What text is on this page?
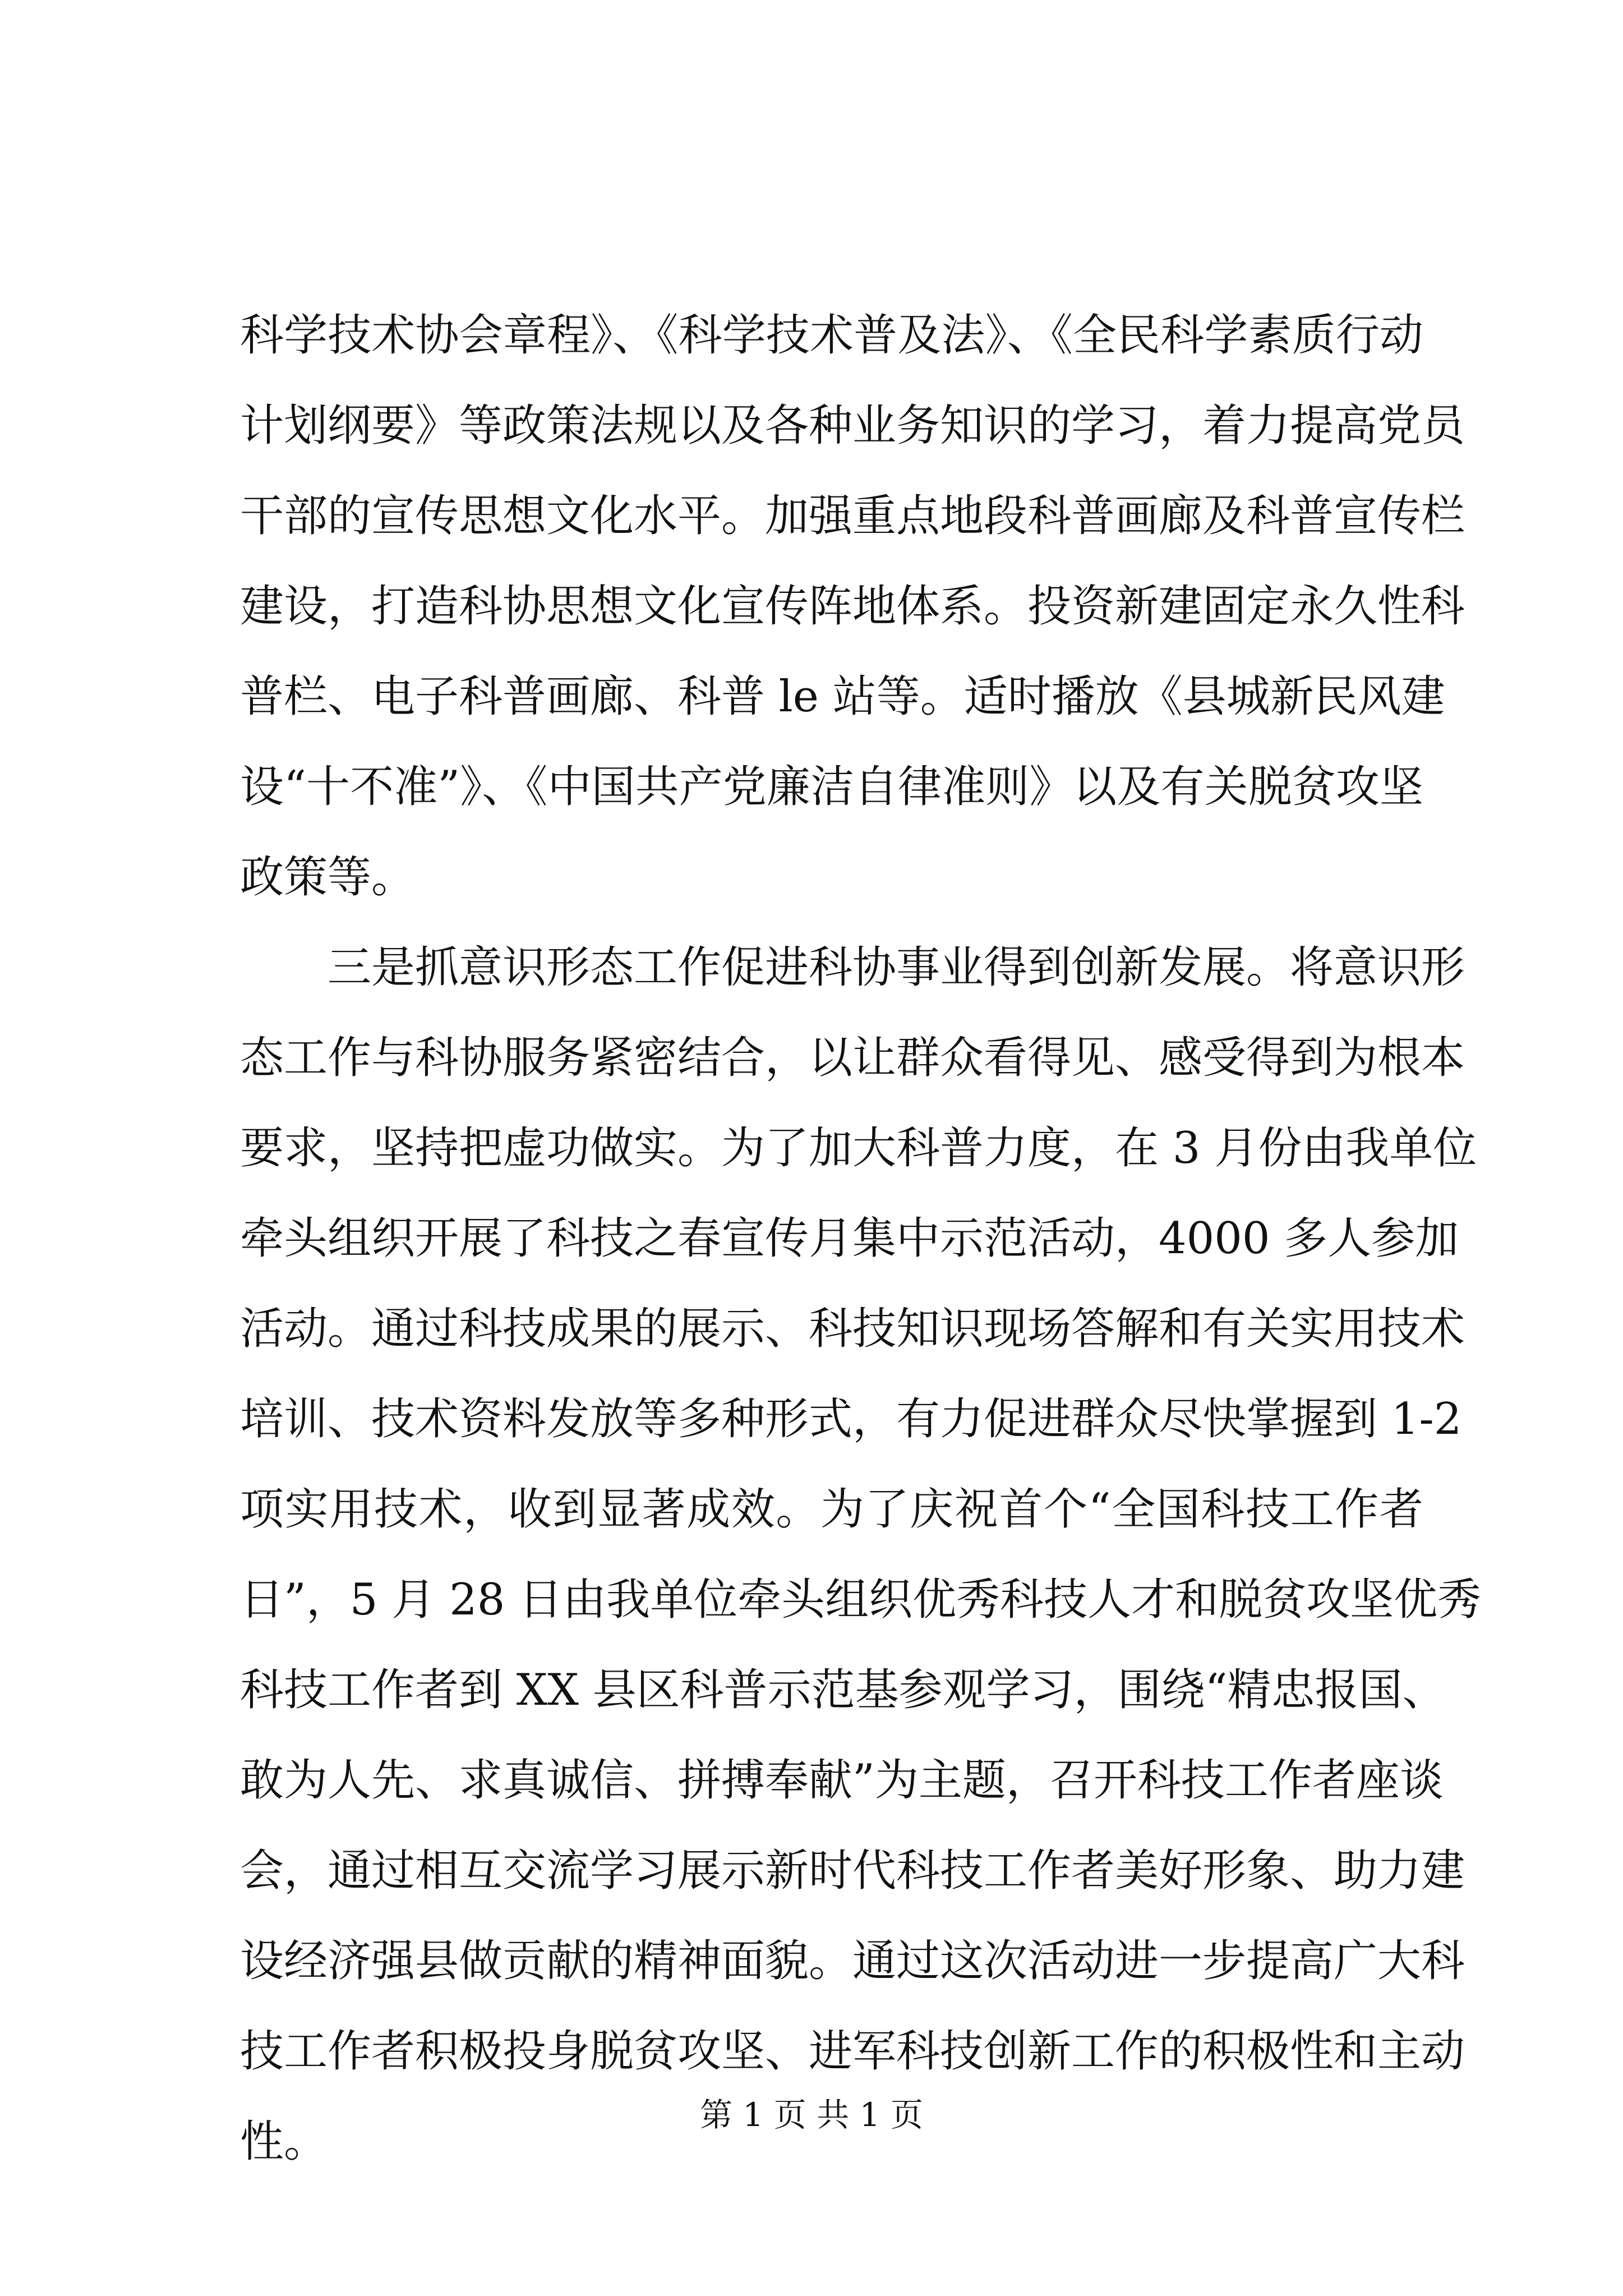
科学技术协会章程》、《科学技术普及法》、《全民科学素质行动
计划纲要》等政策法规以及各种业务知识的学习，着力提高党员
干部的宣传思想文化水平。加强重点地段科普画廊及科普宣传栏
建设，打造科协思想文化宣传阵地体系。投资新建固定永久性科
普栏、电子科普画廊、科普 le 站等。适时播放《县城新民风建
设“十不准”》、《中国共产党廉洁自律准则》以及有关脱贫攻坚
政策等。
　　三是抓意识形态工作促进科协事业得到创新发展。将意识形
态工作与科协服务紧密结合，以让群众看得见、感受得到为根本
要求，坚持把虚功做实。为了加大科普力度，在 3 月份由我单位
牵头组织开展了科技之春宣传月集中示范活动，4000 多人参加
活动。通过科技成果的展示、科技知识现场答解和有关实用技术
培训、技术资料发放等多种形式，有力促进群众尽快掌握到 1-2
项实用技术，收到显著成效。为了庆祝首个“全国科技工作者
日”，5 月 28 日由我单位牵头组织优秀科技人才和脱贫攻坚优秀
科技工作者到 XX 县区科普示范基参观学习，围绕“精忠报国、
敢为人先、求真诚信、拼搏奉献”为主题，召开科技工作者座谈
会，通过相互交流学习展示新时代科技工作者美好形象、助力建
设经济强县做贡献的精神面貌。通过这次活动进一步提高广大科
技工作者积极投身脱贫攻坚、进军科技创新工作的积极性和主动
性。
第 1 页 共 1 页
